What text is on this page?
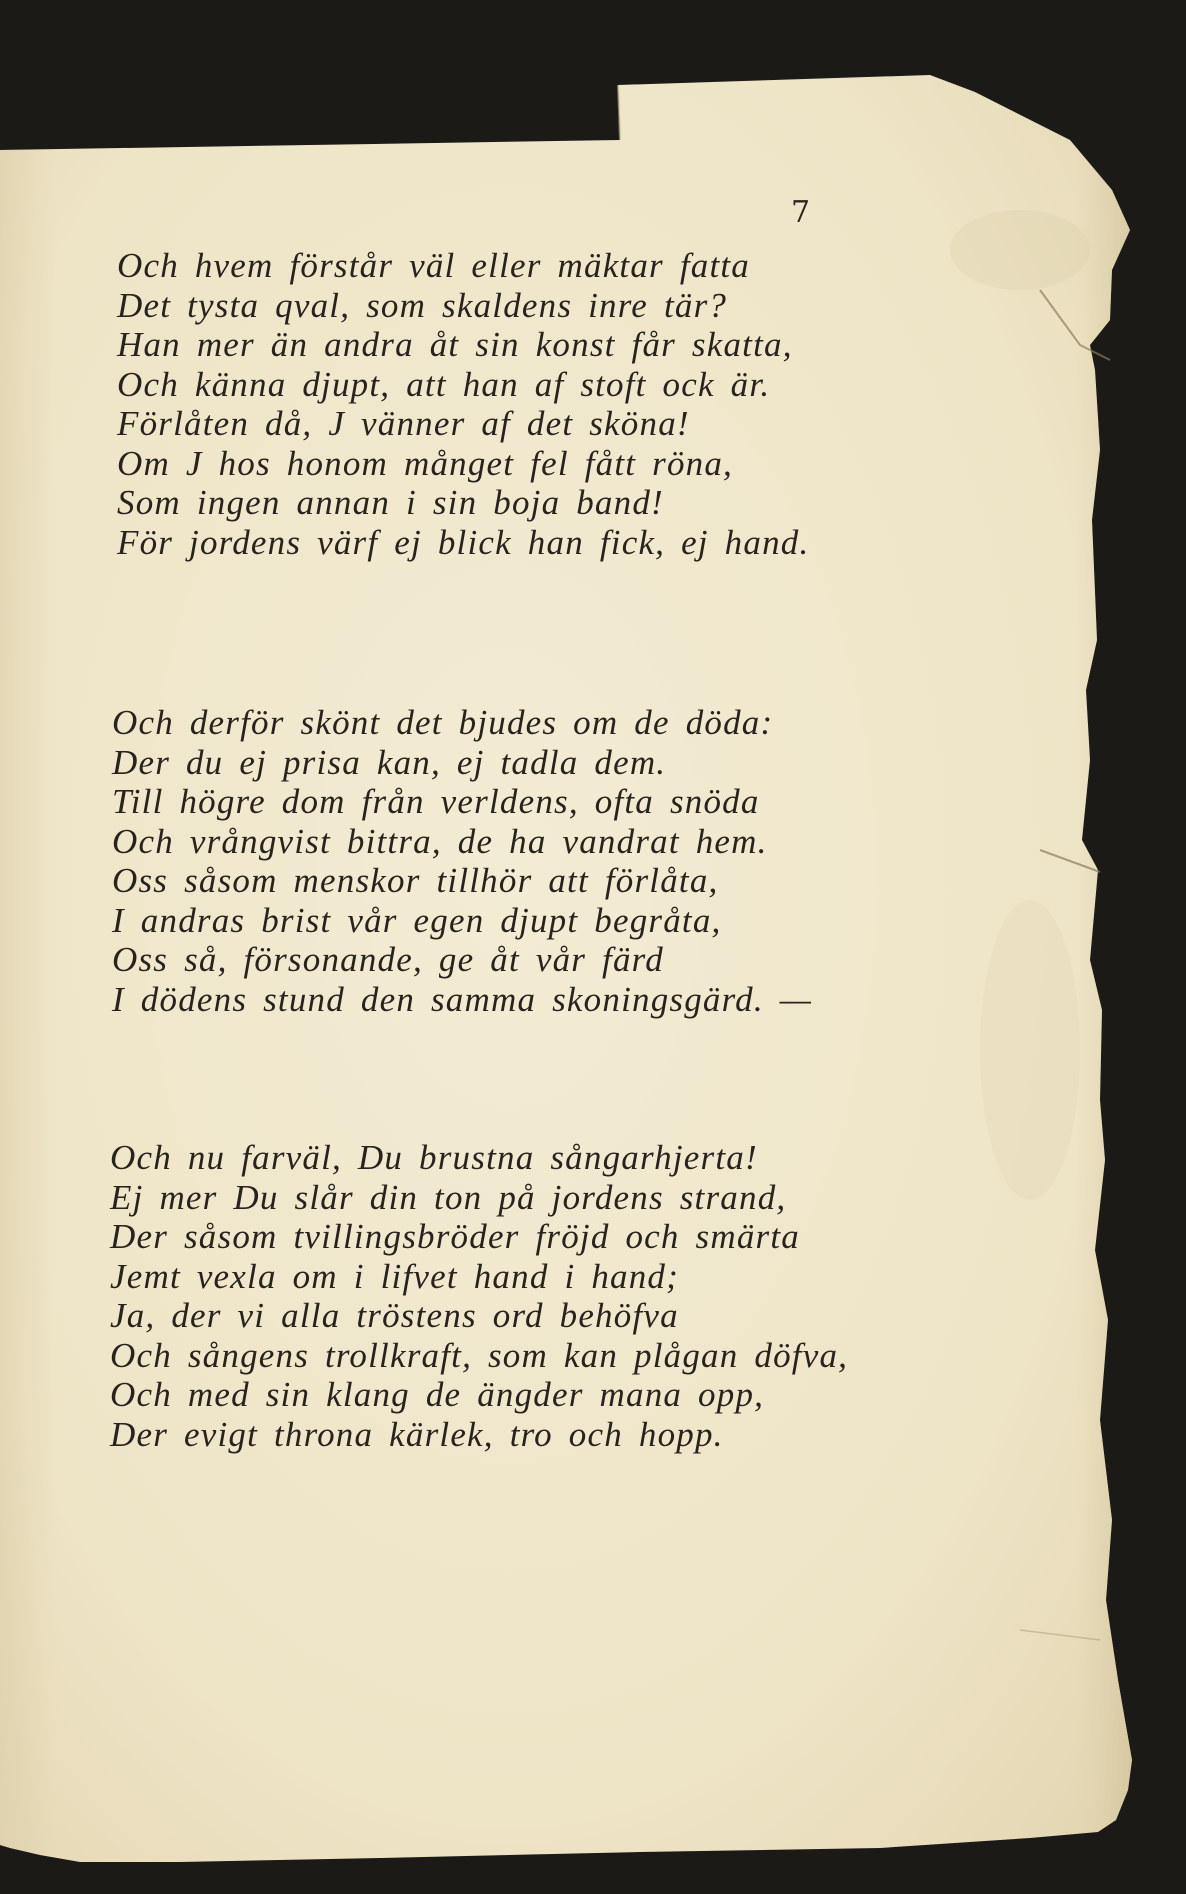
7
Och hvem förstår väl eller mäktar fatta
Det tysta qval, som skaldens inre tär?
Han mer än andra åt sin konst får skatta,
Och känna djupt, att han af stoft ock är.
Förlåten då, J vänner af det sköna!
Om J hos honom månget fel fått röna,
Som ingen annan i sin boja band!
För jordens värf ej blick han fick, ej hand.
Och derför skönt det bjudes om de döda:
Der du ej prisa kan, ej tadla dem.
Till högre dom från verldens, ofta snöda
Och vrångvist bittra, de ha vandrat hem.
Oss såsom menskor tillhör att förlåta,
I andras brist vår egen djupt begråta,
Oss så, försonande, ge åt vår färd
I dödens stund den samma skoningsgärd. —
Och nu farväl, Du brustna sångarhjerta!
Ej mer Du slår din ton på jordens strand,
Der såsom tvillingsbröder fröjd och smärta
Jemt vexla om i lifvet hand i hand;
Ja, der vi alla tröstens ord behöfva
Och sångens trollkraft, som kan plågan döfva,
Och med sin klang de ängder mana opp,
Der evigt throna kärlek, tro och hopp.
